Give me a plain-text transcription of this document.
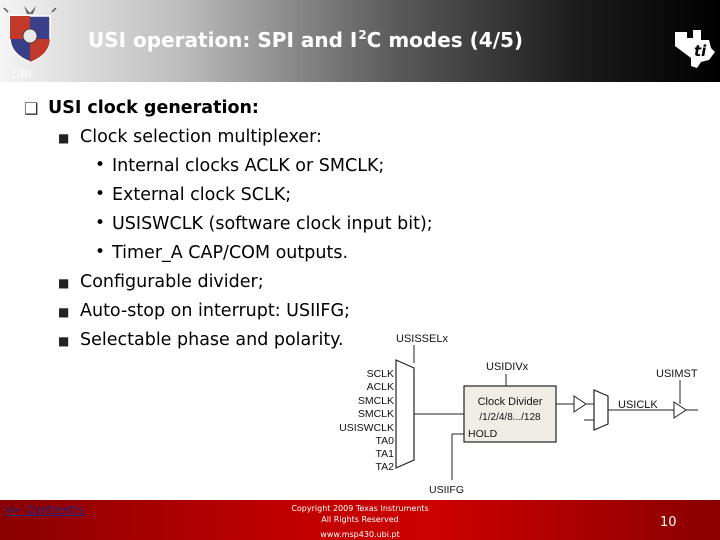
UBI
USI operation: SPI and $I^2C$ modes (4/5)	ti
❑ USI clock generation:
■ Clock selection multiplexer:
• Internal clocks ACLK or SMCLK;
• External clock SCLK;
• USISWCLK (software clock input bit);
• Timer_A CAP/COM outputs.
■ Configurable divider;
■ Auto-stop on interrupt: USIIFG;
■ Selectable phase and polarity.	USISSELx
SCLK
ACLK
SMCLK
SMCLK
USISWCLK
TA0
TA1
TA2
USIDIVx
Clock Divider
/1/2/4/8.../128
HOLD
USIIFG
USICLK
USIMST
>> Contents	Copyright 2009 Texas Instruments
All Rights Reserved
www.msp430.ubi.pt
10
